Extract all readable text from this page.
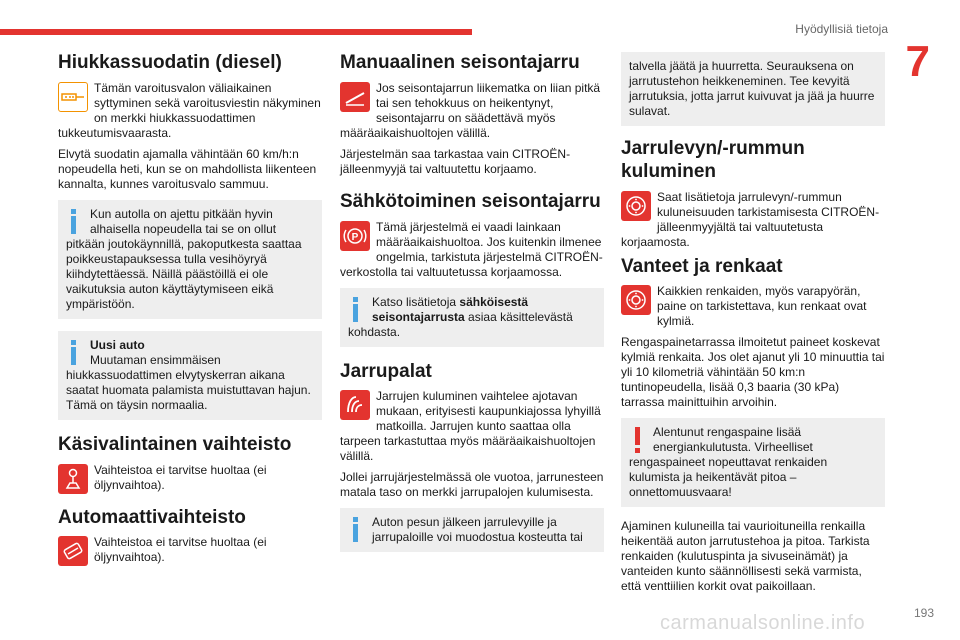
Hyödyllisiä tietoja
7
Hiukkassuodatin (diesel)
Tämän varoitusvalon väliaikainen syttyminen sekä varoitusviestin näkyminen on merkki hiukkassuodattimen tukkeutumisvaarasta.

Elvytä suodatin ajamalla vähintään 60 km/h:n nopeudella heti, kun se on mahdollista liikenteen kannalta, kunnes varoitusvalo sammuu.

Kun autolla on ajettu pitkään hyvin alhaisella nopeudella tai se on ollut pitkään joutokäynnillä, pakoputkesta saattaa poikkeustapauksessa tulla vesihöyryä kiihdytettäessä. Näillä päästöillä ei ole vaikutuksia auton käyttäytymiseen eikä ympäristöön.
Uusi auto
Muutaman ensimmäisen hiukkassuodattimen elvytyskerran aikana saatat huomata palamista muistuttavan hajun. Tämä on täysin normaalia.
Käsivalintainen vaihteisto
Vaihteistoa ei tarvitse huoltaa (ei öljynvaihtoa).
Automaattivaihteisto
Vaihteistoa ei tarvitse huoltaa (ei öljynvaihtoa).
Manuaalinen seisontajarru
Jos seisontajarrun liikematka on liian pitkä tai sen tehokkuus on heikentynyt, seisontajarru on säädettävä myös määräaikaishuoltojen välillä.

Järjestelmän saa tarkastaa vain CITROËN-jälleenmyyjä tai valtuutettu korjaamo.

Sähkötoiminen seisontajarru
P
Tämä järjestelmä ei vaadi lainkaan määräaikaishuoltoa. Jos kuitenkin ilmenee ongelmia, tarkistuta järjestelmä CITROËN-verkostolla tai valtuutetussa korjaamossa.
Katso lisätietoja sähköisestä seisontajarrusta asiaa käsittelevästä kohdasta.
Jarrupalat
Jarrujen kuluminen vaihtelee ajotavan mukaan, erityisesti kaupunkiajossa lyhyillä matkoilla. Jarrujen kunto saattaa olla tarpeen tarkastuttaa myös määräaikaishuoltojen välillä.

Jollei jarrujärjestelmässä ole vuotoa, jarrunesteen matala taso on merkki jarrupalojen kulumisesta.

Auton pesun jälkeen jarrulevyille ja jarrupaloille voi muodostua kosteutta tai
talvella jäätä ja huurretta. Seurauksena on jarrutustehon heikkeneminen. Tee kevyitä jarrutuksia, jotta jarrut kuivuvat ja jää ja huurre sulavat.
Jarrulevyn/-rummun kuluminen
Saat lisätietoja jarrulevyn/-rummun kuluneisuuden tarkistamisesta CITROËN-jälleenmyyjältä tai valtuutetusta korjaamosta.
Vanteet ja renkaat
Kaikkien renkaiden, myös varapyörän, paine on tarkistettava, kun renkaat ovat kylmiä.

Rengaspainetarrassa ilmoitetut paineet koskevat kylmiä renkaita. Jos olet ajanut yli 10 minuuttia tai yli 10 kilometriä vähintään 50 km:n tuntinopeudella, lisää 0,3 baaria (30 kPa) tarrassa mainittuihin arvoihin.

Alentunut rengaspaine lisää energiankulutusta. Virheelliset rengaspaineet nopeuttavat renkaiden kulumista ja heikentävät pitoa – onnettomuusvaara!

Ajaminen kuluneilla tai vaurioituneilla renkailla heikentää auton jarrutustehoa ja pitoa. Tarkista renkaiden (kulutuspinta ja sivuseinämät) ja vanteiden kunto säännöllisesti sekä varmista, että venttiilien korkit ovat paikoillaan.

carmanualsonline.info	193
